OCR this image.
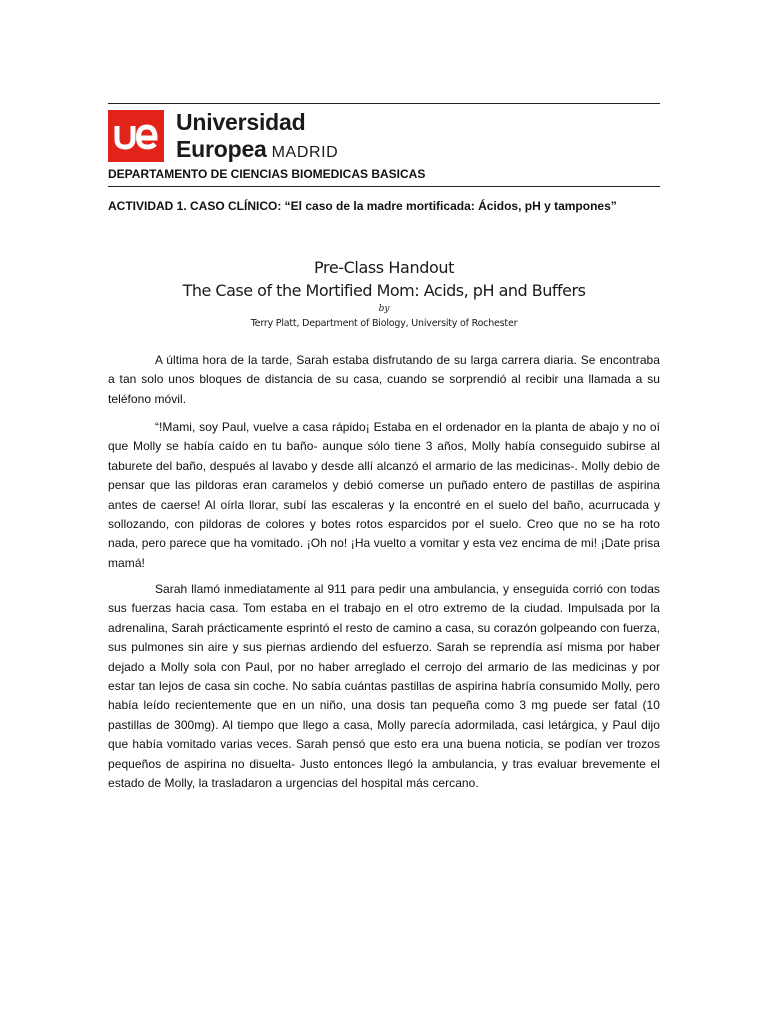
Universidad
Europea MADRID
DEPARTAMENTO DE CIENCIAS BIOMEDICAS BASICAS
ACTIVIDAD 1. CASO CLÍNICO: “El caso de la madre mortificada: Ácidos, pH y tampones”
Pre-Class Handout
The Case of the Mortified Mom: Acids, pH and Buffers
by
Terry Platt, Department of Biology, University of Rochester

A última hora de la tarde, Sarah estaba disfrutando de su larga carrera diaria. Se encontraba a tan solo unos bloques de distancia de su casa, cuando se sorprendió al recibir una llamada a su teléfono móvil.

“!Mami, soy Paul, vuelve a casa rápido¡ Estaba en el ordenador en la planta de abajo y no oí que Molly se había caído en tu baño- aunque sólo tiene 3 años, Molly había conseguido subirse al taburete del baño, después al lavabo y desde allí alcanzó el armario de las medicinas-. Molly debio de pensar que las pildoras eran caramelos y debió comerse un puñado entero de pastillas de aspirina antes de caerse! Al oírla llorar, subí las escaleras y la encontré en el suelo del baño, acurrucada y sollozando, con pildoras de colores y botes rotos esparcidos por el suelo. Creo que no se ha roto nada, pero parece que ha vomitado. ¡Oh no! ¡Ha vuelto a vomitar y esta vez encima de mi! ¡Date prisa mamá!

Sarah llamó inmediatamente al 911 para pedir una ambulancia, y enseguida corrió con todas sus fuerzas hacia casa. Tom estaba en el trabajo en el otro extremo de la ciudad. Impulsada por la adrenalina, Sarah prácticamente esprintó el resto de camino a casa, su corazón golpeando con fuerza, sus pulmones sin aire y sus piernas ardiendo del esfuerzo. Sarah se reprendía así misma por haber dejado a Molly sola con Paul, por no haber arreglado el cerrojo del armario de las medicinas y por estar tan lejos de casa sin coche. No sabía cuántas pastillas de aspirina habría consumido Molly, pero había leído recientemente que en un niño, una dosis tan pequeña como 3 mg puede ser fatal (10 pastillas de 300mg). Al tiempo que llego a casa, Molly parecía adormilada, casi letárgica, y Paul dijo que había vomitado varias veces. Sarah pensó que esto era una buena noticia, se podían ver trozos pequeños de aspirina no disuelta- Justo entonces llegó la ambulancia, y tras evaluar brevemente el estado de Molly, la trasladaron a urgencias del hospital más cercano.
